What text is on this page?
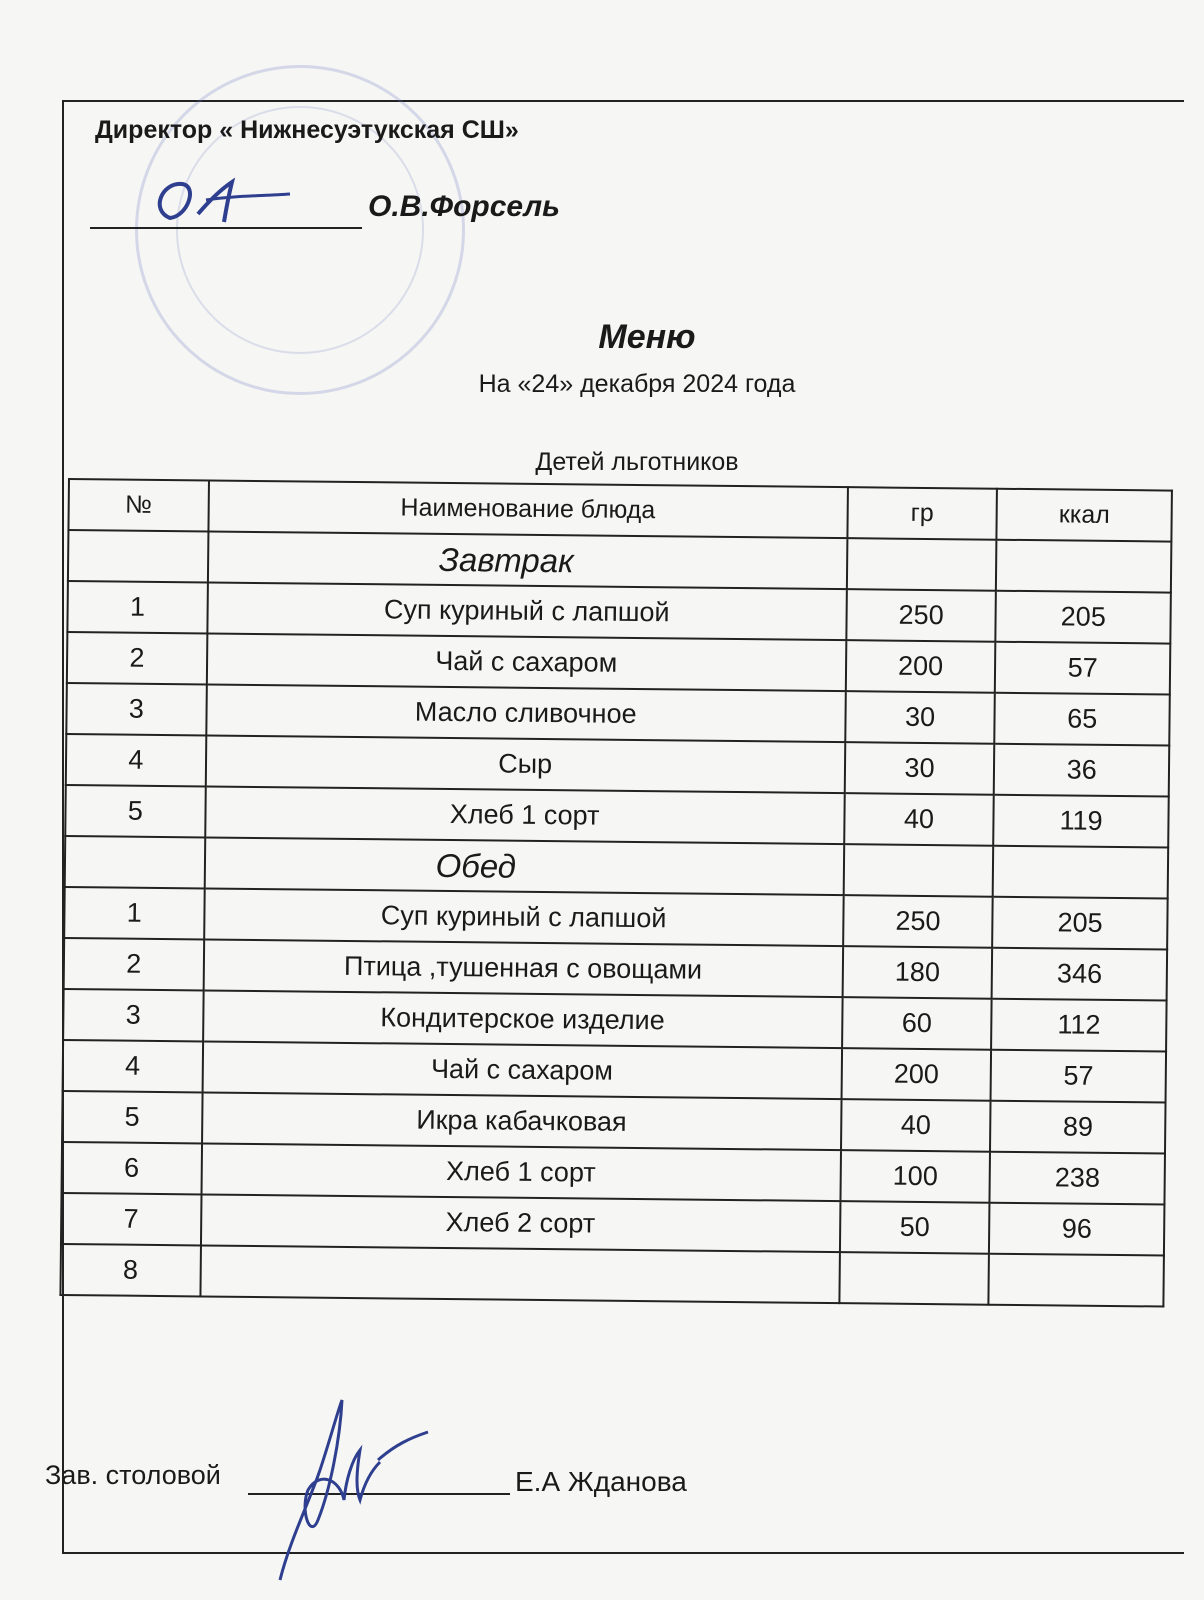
Директор « Нижнесуэтукская СШ»
О.В.Форсель
Меню
На «24» декабря 2024 года
Детей льготников
№	Наименование блюда	гр	ккал
	Завтрак		
1	Суп куриный с лапшой	250	205
2	Чай с сахаром	200	57
3	Масло сливочное	30	65
4	Сыр	30	36
5	Хлеб 1 сорт	40	119
	Обед		
1	Суп куриный с лапшой	250	205
2	Птица ,тушенная с овощами	180	346
3	Кондитерское изделие	60	112
4	Чай с сахаром	200	57
5	Икра кабачковая	40	89
6	Хлеб 1 сорт	100	238
7	Хлеб 2 сорт	50	96
8			
Зав. столовой	Е.А Жданова
